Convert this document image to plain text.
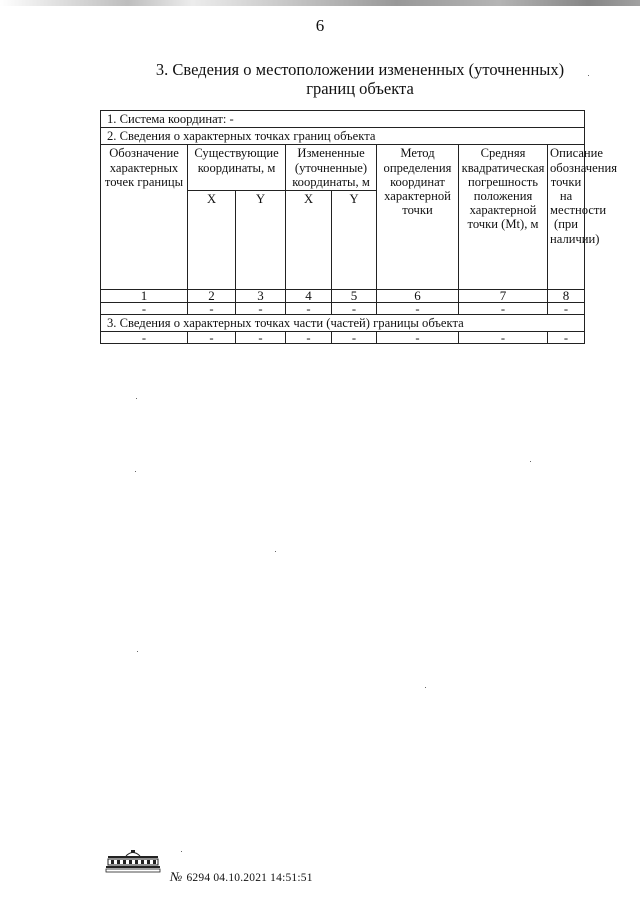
6
3. Сведения о местоположении измененных (уточненных)
границ объекта
1. Система координат: -							
2. Сведения о характерных точках границ объекта							
Обозначение характерных точек границы	Существующие координаты, м		Измененные (уточненные) координаты, м		Метод определения координат характерной точки	Средняя квадратическая погрешность положения характерной точки (Mt), м	Описание обозначения точки на местности (при наличии)
	X	Y	X	Y			
1	2	3	4	5	6	7	8
-	-	-	-	-	-	-	-
3. Сведения о характерных точках части (частей) границы объекта							
-	-	-	-	-	-	-	-
№ 6294 04.10.2021 14:51:51
